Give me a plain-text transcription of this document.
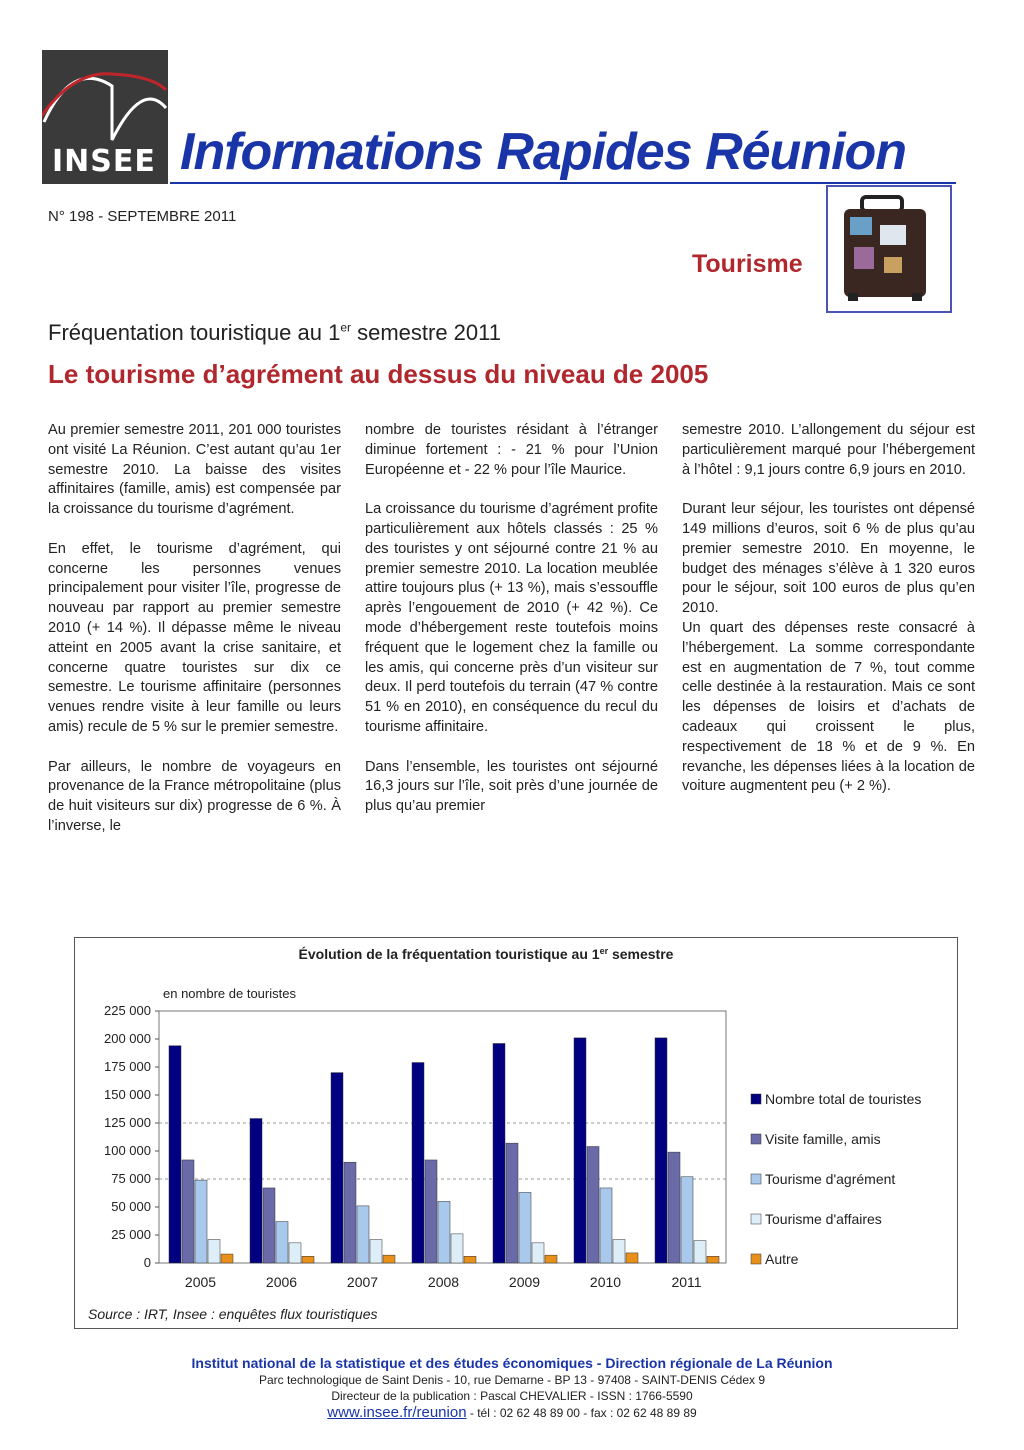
INSEE Informations Rapides Réunion
N° 198 - SEPTEMBRE 2011
Tourisme
Fréquentation touristique au 1er semestre 2011
Le tourisme d’agrément au dessus du niveau de 2005

Au premier semestre 2011, 201 000 touristes ont visité La Réunion. C’est autant qu’au 1er semestre 2010. La baisse des visites affinitaires (famille, amis) est compensée par la croissance du tourisme d’agrément.

En effet, le tourisme d’agrément, qui concerne les personnes venues principalement pour visiter l’île, progresse de nouveau par rapport au premier semestre 2010 (+ 14 %). Il dépasse même le niveau atteint en 2005 avant la crise sanitaire, et concerne quatre touristes sur dix ce semestre. Le tourisme affinitaire (personnes venues rendre visite à leur famille ou leurs amis) recule de 5 % sur le premier semestre.

Par ailleurs, le nombre de voyageurs en provenance de la France métropolitaine (plus de huit visiteurs sur dix) progresse de 6 %. À l’inverse, le

nombre de touristes résidant à l’étranger diminue fortement : - 21 % pour l’Union Européenne et - 22 % pour l’île Maurice.

La croissance du tourisme d’agrément profite particulièrement aux hôtels classés : 25 % des touristes y ont séjourné contre 21 % au premier semestre 2010. La location meublée attire toujours plus (+ 13 %), mais s’essouffle après l’engouement de 2010 (+ 42 %). Ce mode d’hébergement reste toutefois moins fréquent que le logement chez la famille ou les amis, qui concerne près d’un visiteur sur deux. Il perd toutefois du terrain (47 % contre 51 % en 2010), en conséquence du recul du tourisme affinitaire.

Dans l’ensemble, les touristes ont séjourné 16,3 jours sur l’île, soit près d’une journée de plus qu’au premier

semestre 2010. L’allongement du séjour est particulièrement marqué pour l’hébergement à l’hôtel : 9,1 jours contre 6,9 jours en 2010.

Durant leur séjour, les touristes ont dépensé 149 millions d’euros, soit 6 % de plus qu’au premier semestre 2010. En moyenne, le budget des ménages s’élève à 1 320 euros pour le séjour, soit 100 euros de plus qu’en 2010.

Un quart des dépenses reste consacré à l’hébergement. La somme correspondante est en augmentation de 7 %, tout comme celle destinée à la restauration. Mais ce sont les dépenses de loisirs et d’achats de cadeaux qui croissent le plus, respectivement de 18 % et de 9 %. En revanche, les dépenses liées à la location de voiture augmentent peu (+ 2 %).

Évolution de la fréquentation touristique au 1er semestre
en nombre de touristes
0
25 000
50 000
75 000
100 000
125 000
150 000
175 000
200 000
225 000
2005	2006	2007	2008	2009	2010	2011
Nombre total de touristes
Visite famille, amis
Tourisme d'agrément
Tourisme d'affaires
Autre
Source : IRT, Insee : enquêtes flux touristiques
Institut national de la statistique et des études économiques - Direction régionale de La Réunion
Parc technologique de Saint Denis - 10, rue Demarne - BP 13 - 97408 - SAINT-DENIS Cédex 9
Directeur de la publication : Pascal CHEVALIER - ISSN : 1766-5590
www.insee.fr/reunion - tél : 02 62 48 89 00 - fax : 02 62 48 89 89
